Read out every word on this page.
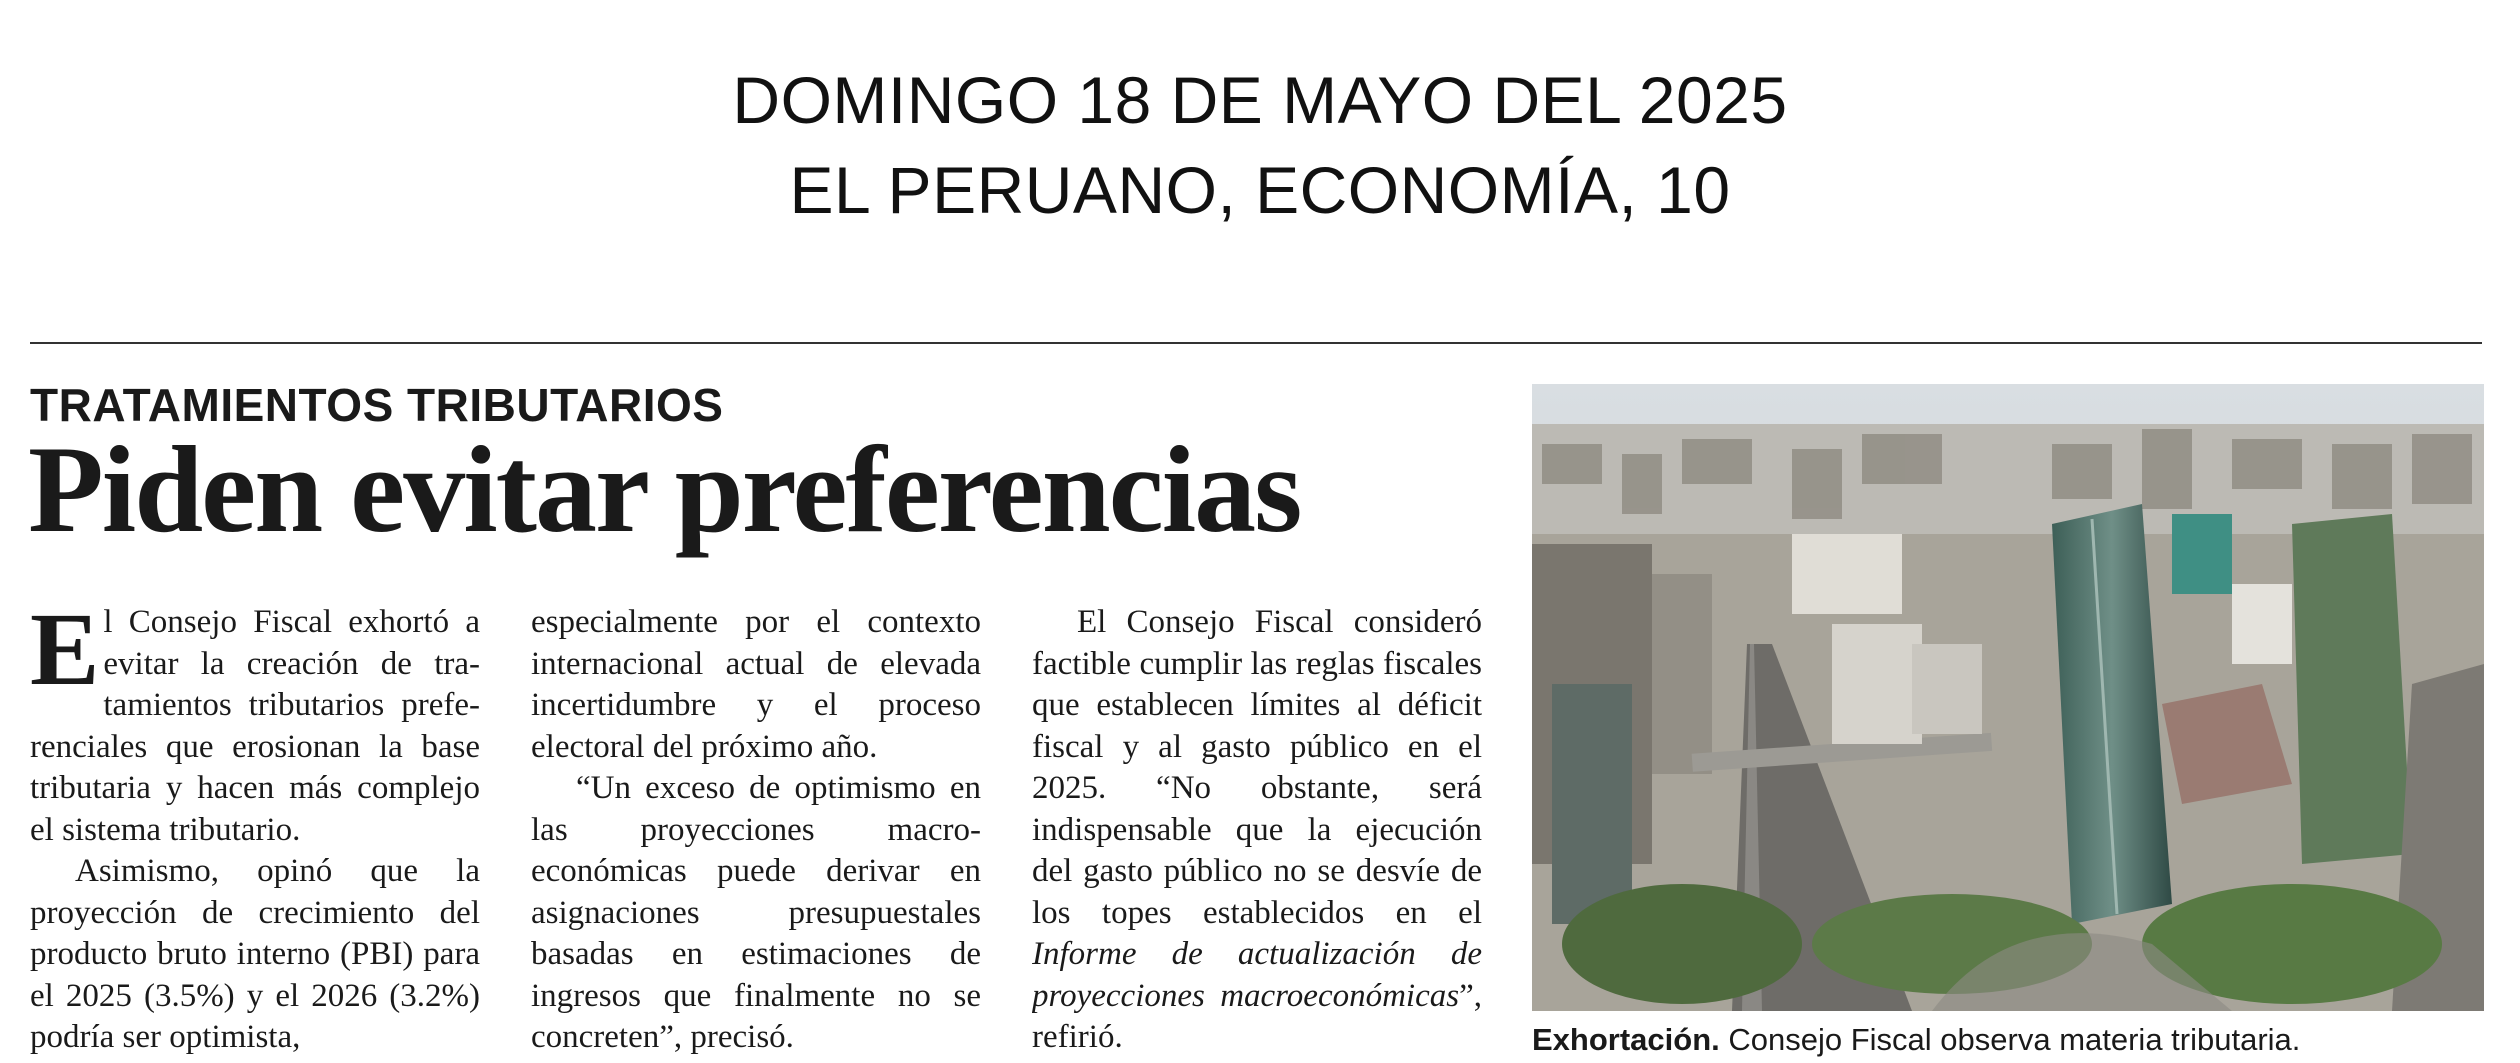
DOMINGO 18 DE MAYO DEL 2025
EL PERUANO, ECONOMÍA, 10
TRATAMIENTOS TRIBUTARIOS
Piden evitar preferencias

El Consejo Fiscal exhortó a evitar la creación de tratamientos tributarios preferenciales que erosionan la base tributaria y hacen más complejo el sistema tributario.

Asimismo, opinó que la proyección de crecimiento del producto bruto interno (PBI) para el 2025 (3.5%) y el 2026 (3.2%) podría ser optimista,

especialmente por el contexto internacional actual de elevada incertidumbre y el proceso electoral del próximo año.

“Un exceso de optimismo en las proyecciones macroeconómicas puede derivar en asignaciones presupuestales basadas en estimaciones de ingresos que finalmente no se concreten”, precisó.

El Consejo Fiscal consideró factible cumplir las reglas fiscales que establecen límites al déficit fiscal y al gasto público en el 2025. “No obstante, será indispensable que la ejecución del gasto público no se desvíe de los topes establecidos en el Informe de actualización de proyecciones macroeconómicas”, refirió.	Exhortación. Consejo Fiscal observa materia tributaria.
